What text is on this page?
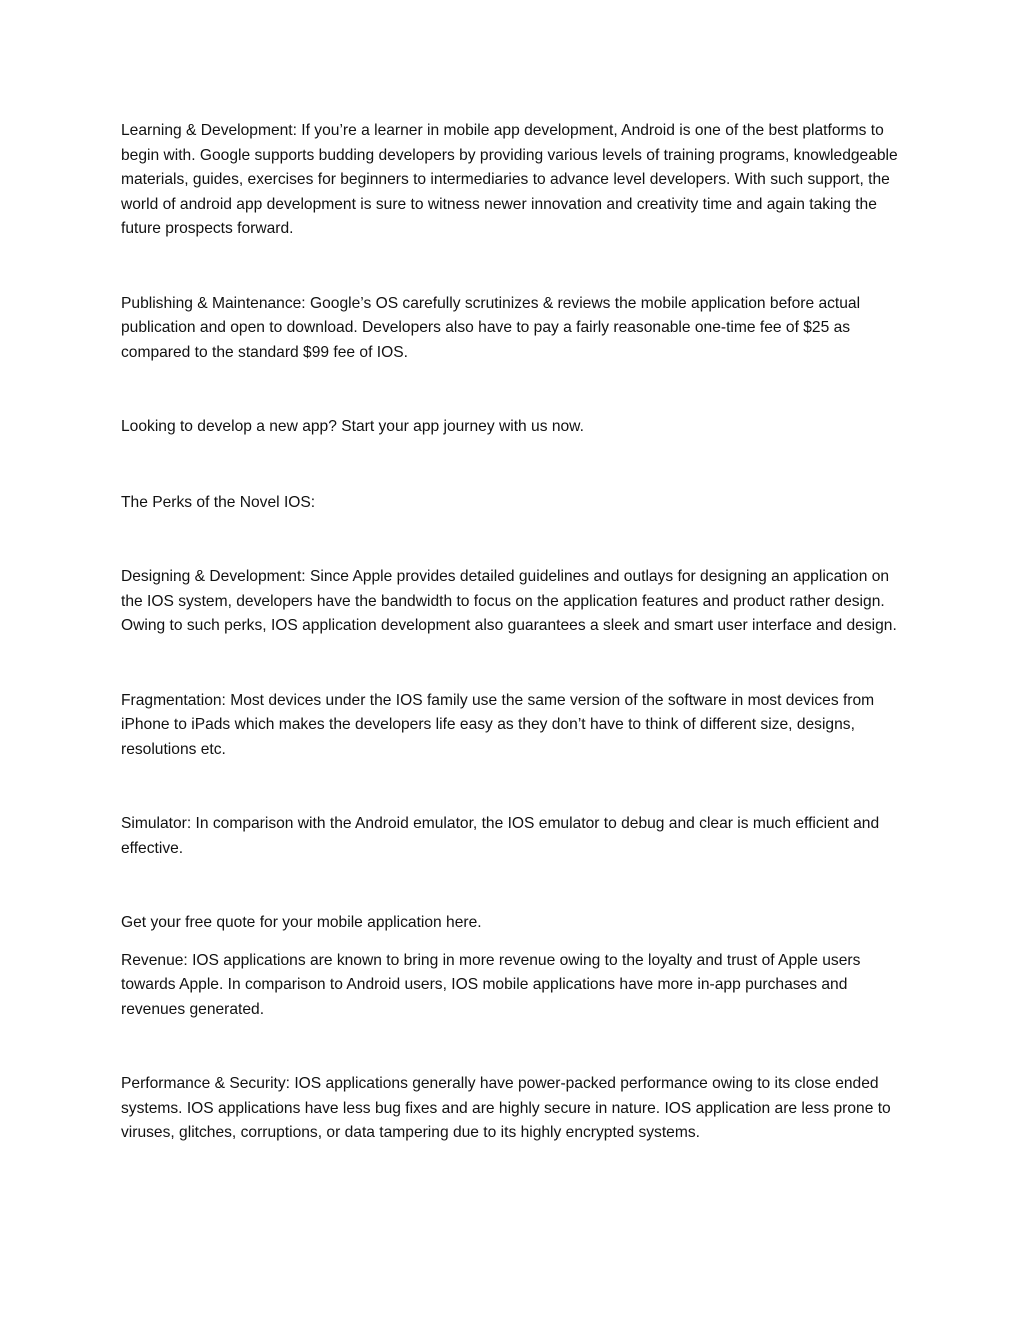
Learning & Development: If you’re a learner in mobile app development, Android is one of the best platforms to begin with. Google supports budding developers by providing various levels of training programs, knowledgeable materials, guides, exercises for beginners to intermediaries to advance level developers. With such support, the world of android app development is sure to witness newer innovation and creativity time and again taking the future prospects forward.

Publishing & Maintenance: Google’s OS carefully scrutinizes & reviews the mobile application before actual publication and open to download. Developers also have to pay a fairly reasonable one-time fee of $25 as compared to the standard $99 fee of IOS.

Looking to develop a new app? Start your app journey with us now.

The Perks of the Novel IOS:

Designing & Development: Since Apple provides detailed guidelines and outlays for designing an application on the IOS system, developers have the bandwidth to focus on the application features and product rather design. Owing to such perks, IOS application development also guarantees a sleek and smart user interface and design.

Fragmentation: Most devices under the IOS family use the same version of the software in most devices from iPhone to iPads which makes the developers life easy as they don’t have to think of different size, designs, resolutions etc.

Simulator: In comparison with the Android emulator, the IOS emulator to debug and clear is much efficient and effective.

Get your free quote for your mobile application here.

Revenue: IOS applications are known to bring in more revenue owing to the loyalty and trust of Apple users towards Apple. In comparison to Android users, IOS mobile applications have more in-app purchases and revenues generated.

Performance & Security: IOS applications generally have power-packed performance owing to its close ended systems. IOS applications have less bug fixes and are highly secure in nature. IOS application are less prone to viruses, glitches, corruptions, or data tampering due to its highly encrypted systems.
